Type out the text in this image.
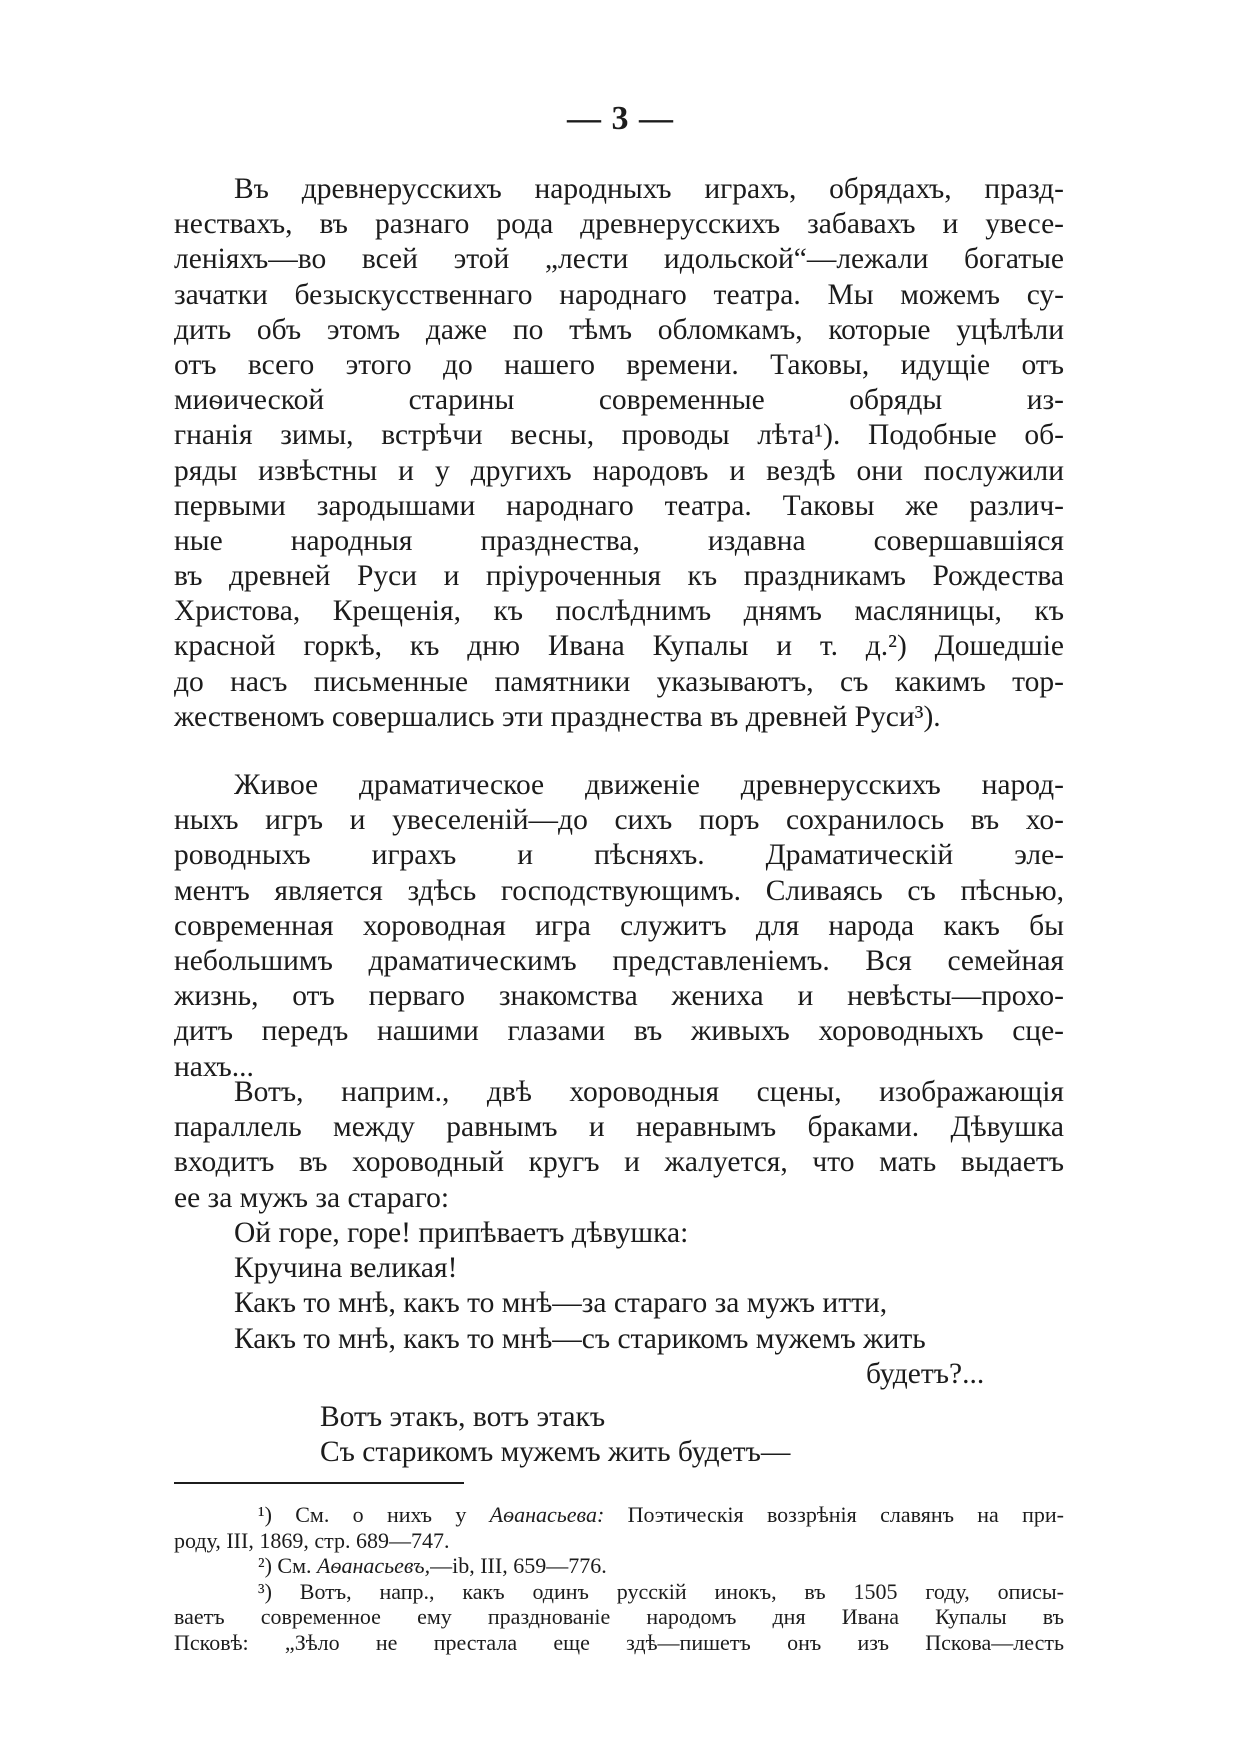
— 3 —
Въ древнерусскихъ народныхъ играхъ, обрядахъ, празд-
нествахъ, въ разнаго рода древнерусскихъ забавахъ и увесе-
леніяхъ—во всей этой „лести идольской“—лежали богатые
зачатки безыскусственнаго народнаго театра. Мы можемъ су-
дить объ этомъ даже по тѣмъ обломкамъ, которые уцѣлѣли
отъ всего этого до нашего времени. Таковы, идущіе отъ
миѳической старины современные обряды из-
гнанія зимы, встрѣчи весны, проводы лѣта¹). Подобные об-
ряды извѣстны и у другихъ народовъ и вездѣ они послужили
первыми зародышами народнаго театра. Таковы же различ-
ные народныя празднества, издавна совершавшіяся
въ древней Руси и пріуроченныя къ праздникамъ Рождества
Христова, Крещенія, къ послѣднимъ днямъ масляницы, къ
красной горкѣ, къ дню Ивана Купалы и т. д.²) Дошедшіе
до насъ письменные памятники указываютъ, съ какимъ тор-
жественомъ совершались эти празднества въ древней Руси³).
Живое драматическое движеніе древнерусскихъ народ-
ныхъ игръ и увеселеній—до сихъ поръ сохранилось въ хо-
роводныхъ играхъ и пѣсняхъ. Драматическій эле-
ментъ является здѣсь господствующимъ. Сливаясь съ пѣснью,
современная хороводная игра служитъ для народа какъ бы
небольшимъ драматическимъ представленіемъ. Вся семейная
жизнь, отъ перваго знакомства жениха и невѣсты—прохо-
дитъ передъ нашими глазами въ живыхъ хороводныхъ сце-
нахъ...
Вотъ, наприм., двѣ хороводныя сцены, изображающія
параллель между равнымъ и неравнымъ браками. Дѣвушка
входитъ въ хороводный кругъ и жалуется, что мать выдаетъ
ее за мужъ за стараго:
Ой горе, горе! припѣваетъ дѣвушка:
Кручина великая!
Какъ то мнѣ, какъ то мнѣ—за стараго за мужъ итти,
Какъ то мнѣ, какъ то мнѣ—съ старикомъ мужемъ жить
будетъ?...
Вотъ этакъ, вотъ этакъ
Съ старикомъ мужемъ жить будетъ—
¹) См. о нихъ у Аѳанасьева: Поэтическія воззрѣнія славянъ на при-
роду, III, 1869, стр. 689—747.
²) См. Аѳанасьевъ,—ib, III, 659—776.
³) Вотъ, напр., какъ одинъ русскій инокъ, въ 1505 году, описы-
ваетъ современное ему празднованіе народомъ дня Ивана Купалы въ
Псковѣ: „Зѣло не престала еще здѣ—пишетъ онъ изъ Пскова—лесть
